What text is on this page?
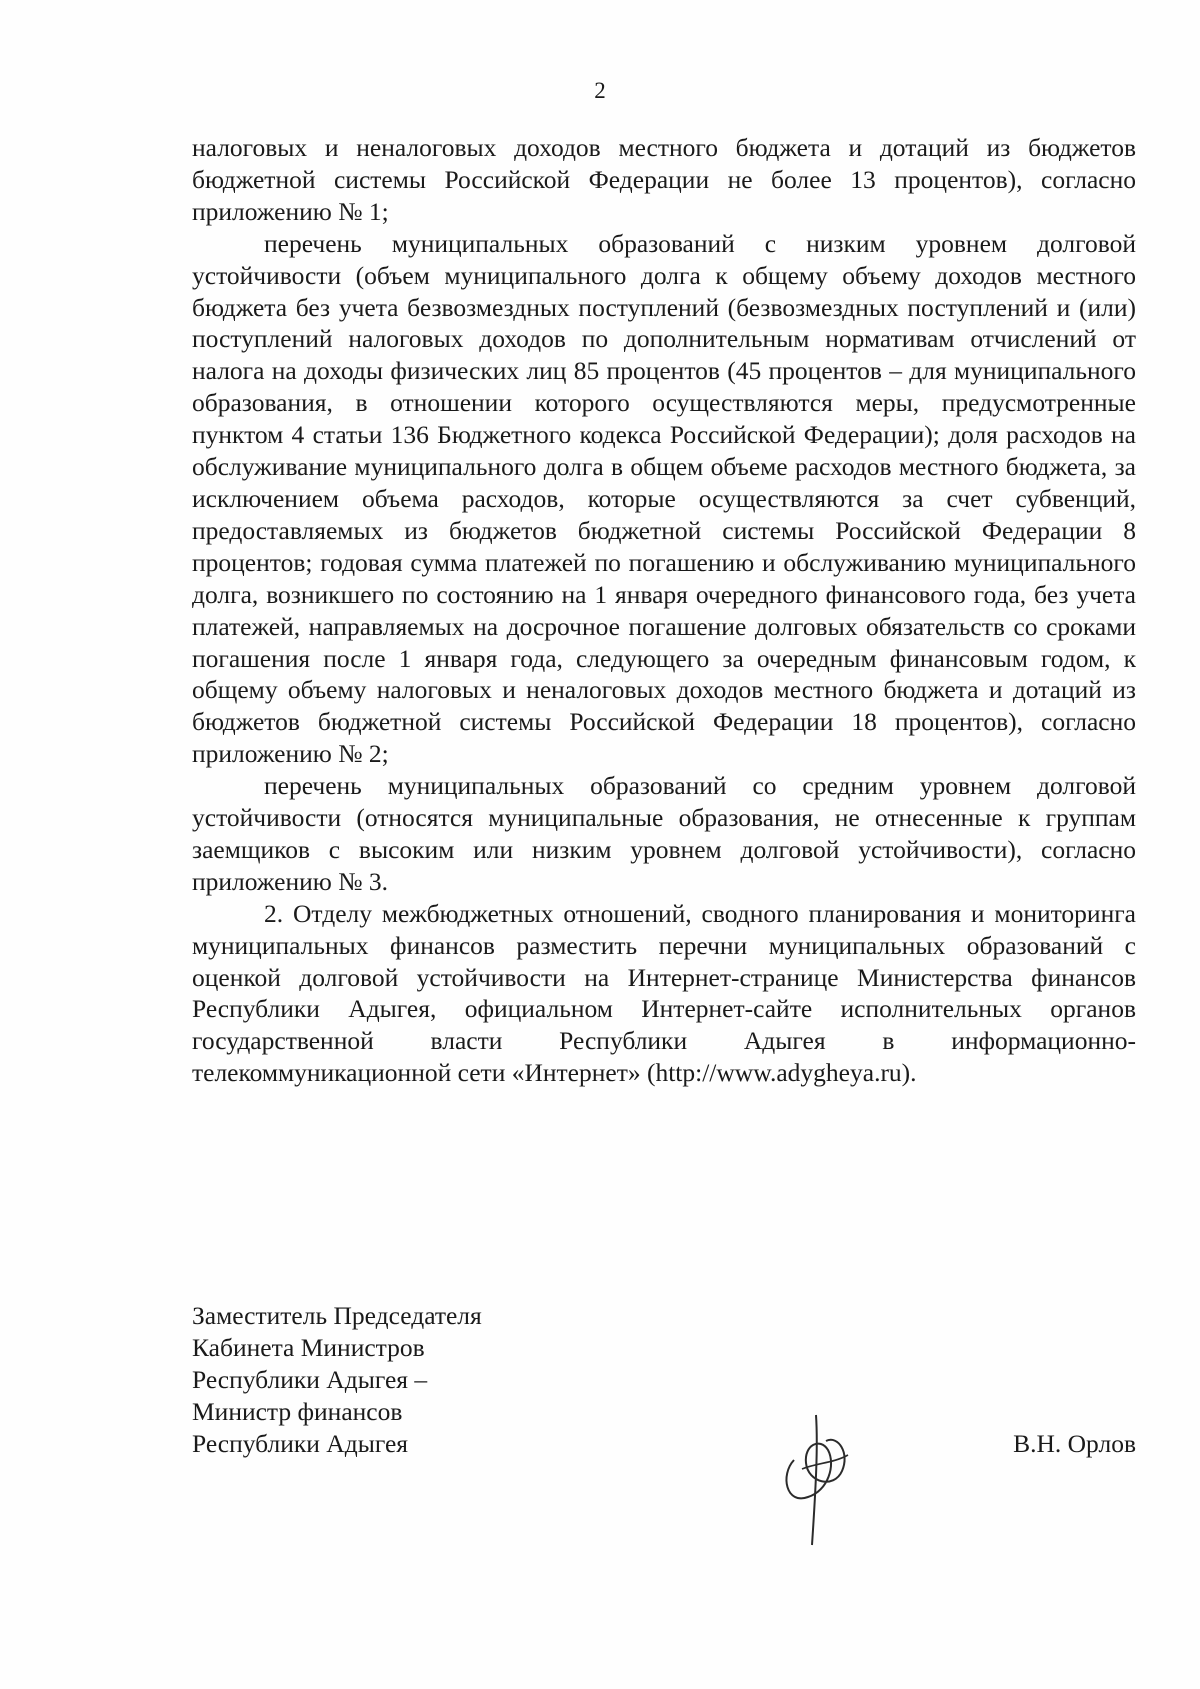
2

налоговых и неналоговых доходов местного бюджета и дотаций из бюджетов бюджетной системы Российской Федерации не более 13 процентов), согласно приложению № 1;

перечень муниципальных образований с низким уровнем долговой устойчивости (объем муниципального долга к общему объему доходов местного бюджета без учета безвозмездных поступлений (безвозмездных поступлений и (или) поступлений налоговых доходов по дополнительным нормативам отчислений от налога на доходы физических лиц 85 процентов (45 процентов – для муниципального образования, в отношении которого осуществляются меры, предусмотренные пунктом 4 статьи 136 Бюджетного кодекса Российской Федерации); доля расходов на обслуживание муниципального долга в общем объеме расходов местного бюджета, за исключением объема расходов, которые осуществляются за счет субвенций, предоставляемых из бюджетов бюджетной системы Российской Федерации 8 процентов; годовая сумма платежей по погашению и обслуживанию муниципального долга, возникшего по состоянию на 1 января очередного финансового года, без учета платежей, направляемых на досрочное погашение долговых обязательств со сроками погашения после 1 января года, следующего за очередным финансовым годом, к общему объему налоговых и неналоговых доходов местного бюджета и дотаций из бюджетов бюджетной системы Российской Федерации 18 процентов), согласно приложению № 2;

перечень муниципальных образований со средним уровнем долговой устойчивости (относятся муниципальные образования, не отнесенные к группам заемщиков с высоким или низким уровнем долговой устойчивости), согласно приложению № 3.

2. Отделу межбюджетных отношений, сводного планирования и мониторинга муниципальных финансов разместить перечни муниципальных образований с оценкой долговой устойчивости на Интернет-странице Министерства финансов Республики Адыгея, официальном Интернет-сайте исполнительных органов государственной власти Республики Адыгея в информационно-телекоммуникационной сети «Интернет» (http://www.adygheya.ru).

Заместитель Председателя
Кабинета Министров
Республики Адыгея –
Министр финансов
Республики Адыгея	В.Н. Орлов
